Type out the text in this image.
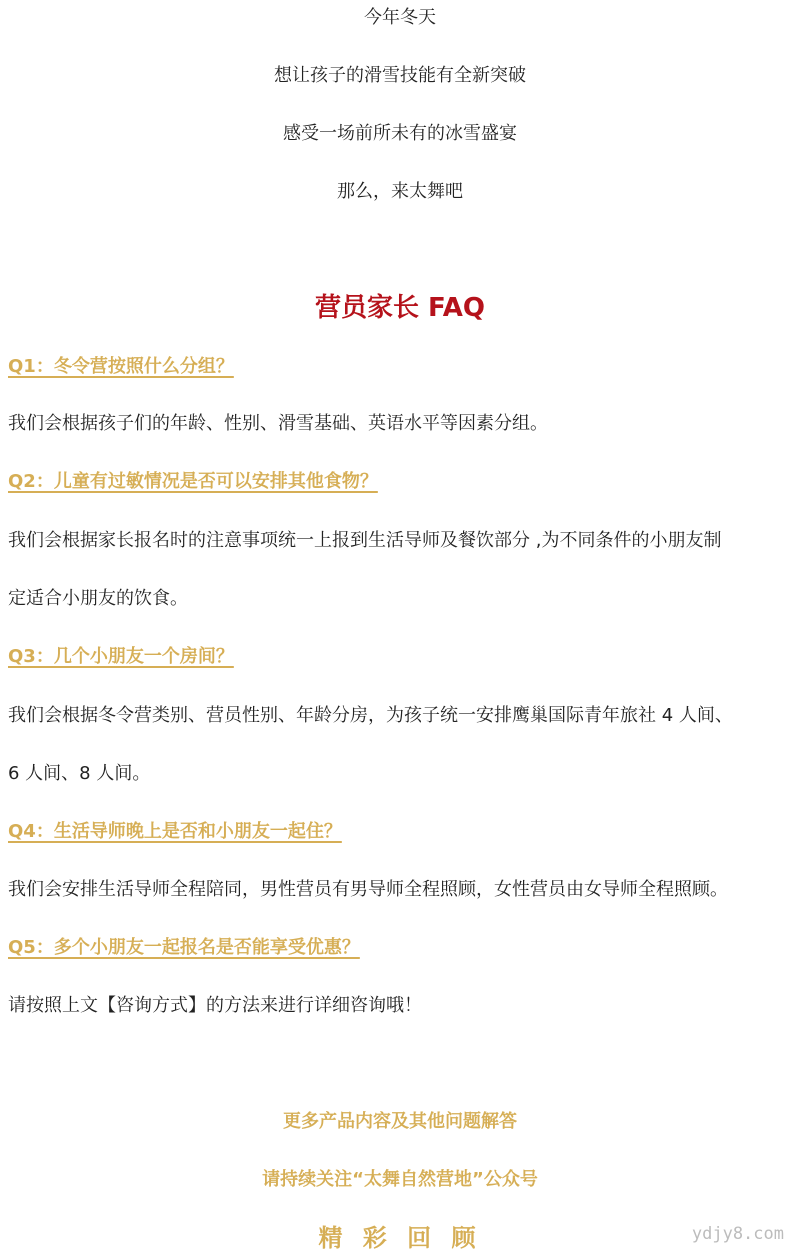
今年冬天

想让孩子的滑雪技能有全新突破

感受一场前所未有的冰雪盛宴

那么，来太舞吧

营员家长 FAQ

Q1：冬令营按照什么分组？

我们会根据孩子们的年龄、性别、滑雪基础、英语水平等因素分组。

Q2：儿童有过敏情况是否可以安排其他食物？

我们会根据家长报名时的注意事项统一上报到生活导师及餐饮部分 ,为不同条件的小朋友制

定适合小朋友的饮食。

Q3：几个小朋友一个房间？

我们会根据冬令营类别、营员性别、年龄分房，为孩子统一安排鹰巢国际青年旅社 4 人间、

6 人间、8 人间。

Q4：生活导师晚上是否和小朋友一起住？

我们会安排生活导师全程陪同，男性营员有男导师全程照顾，女性营员由女导师全程照顾。

Q5：多个小朋友一起报名是否能享受优惠？

请按照上文【咨询方式】的方法来进行详细咨询哦！

更多产品内容及其他问题解答

请持续关注“太舞自然营地”公众号

精 彩 回 顾	ydjy8.com
